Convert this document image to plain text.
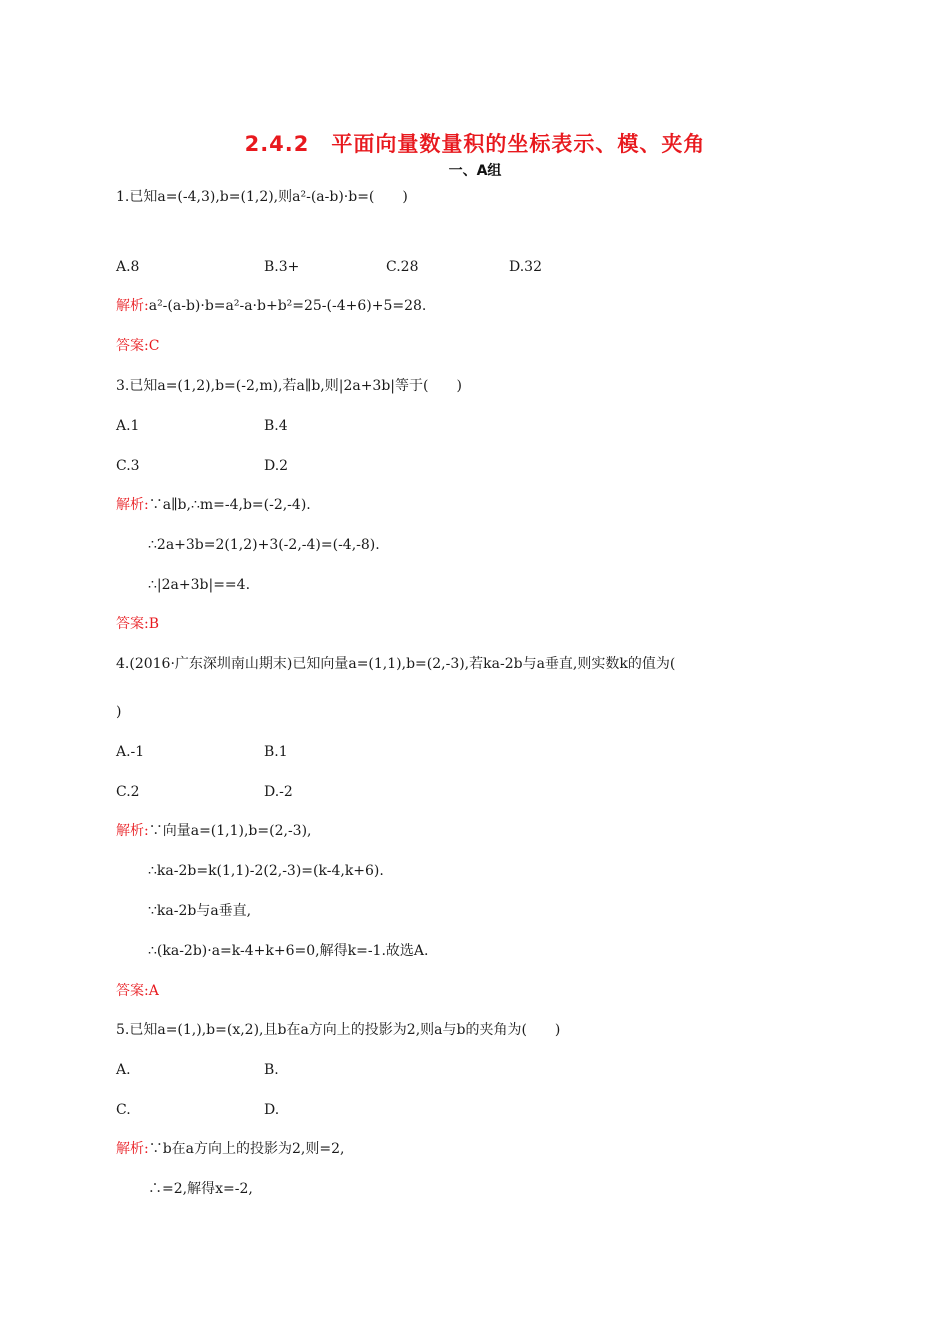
2.4.2　平面向量数量积的坐标表示、模、夹角
一、A组
1.已知a=(-4,3),b=(1,2),则a²-(a-b)·b=(　　)
解析:a²-(a-b)·b=a²-a·b+b²=25-(-4+6)+5=28.
答案:C
3.已知a=(1,2),b=(-2,m),若a∥b,则|2a+3b|等于(　　)
解析:∵a∥b,∴m=-4,b=(-2,-4).
∴2a+3b=2(1,2)+3(-2,-4)=(-4,-8).
∴|2a+3b|==4.
答案:B
4.(2016·广东深圳南山期末)已知向量a=(1,1),b=(2,-3),若ka-2b与a垂直,则实数k的值为(
)
解析:∵向量a=(1,1),b=(2,-3),
∴ka-2b=k(1,1)-2(2,-3)=(k-4,k+6).
∵ka-2b与a垂直,
∴(ka-2b)·a=k-4+k+6=0,解得k=-1.故选A.
答案:A
5.已知a=(1,),b=(x,2),且b在a方向上的投影为2,则a与b的夹角为(　　)
解析:∵b在a方向上的投影为2,则=2,
∴=2,解得x=-2,
A.8	B.3+	C.28	D.32
A.1	B.4
C.3	D.2
A.-1	B.1
C.2	D.-2
A.	B.
C.	D.
